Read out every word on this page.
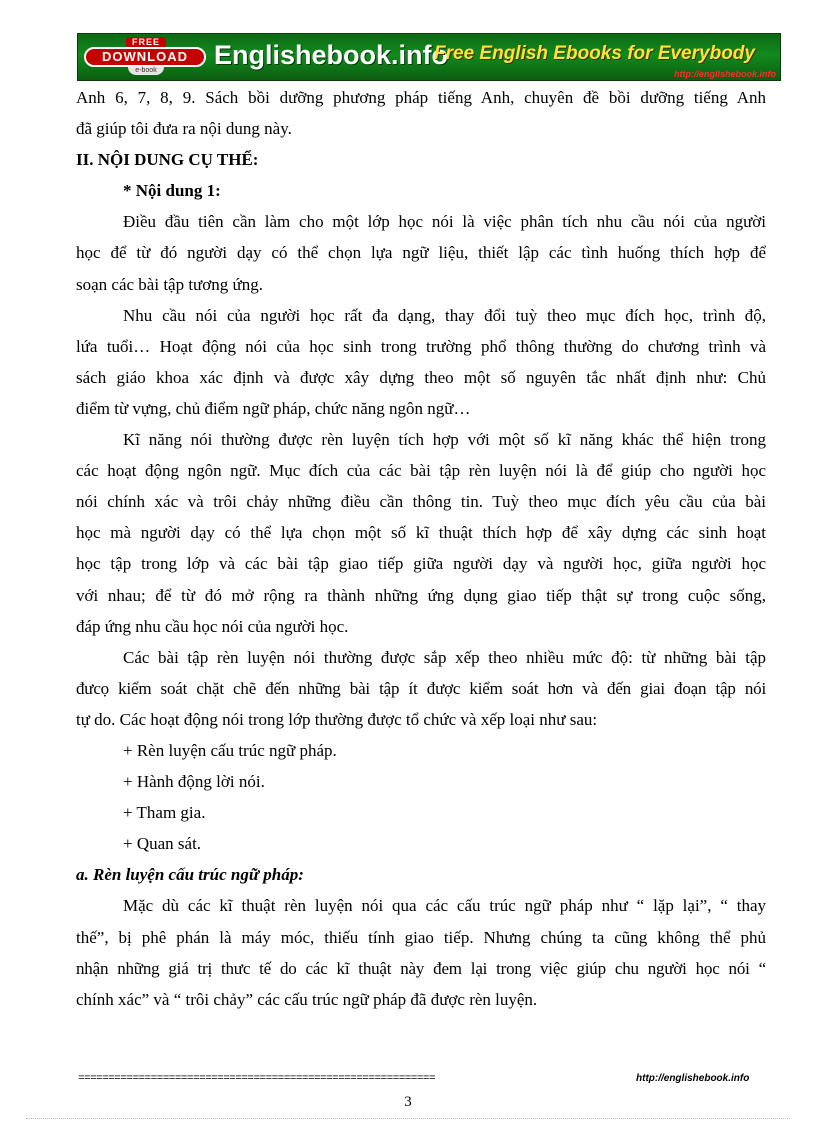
FREE
DOWNLOAD
e-book
Englishebook.info
Free English Ebooks for Everybody
http://englishebook.info
Anh 6, 7, 8, 9. Sách bồi dưỡng phương pháp tiếng Anh, chuyên đề bồi dưỡng tiếng Anh
đã giúp tôi đưa ra nội dung này.
II. NỘI DUNG CỤ THỂ:
* Nội dung 1:
Điều đầu tiên cần làm cho một lớp học nói là việc phân tích nhu cầu nói của người
học để từ đó người dạy có thể chọn lựa ngữ liệu, thiết lập các tình huống thích hợp để
soạn các bài tập tương ứng.
Nhu cầu nói của người học rất đa dạng, thay đổi tuỳ theo mục đích học, trình độ,
lứa tuổi… Hoạt động nói của học sinh trong trường phổ thông thường do chương trình và
sách giáo khoa xác định và được xây dựng theo một số nguyên tắc nhất định như: Chủ
điểm từ vựng, chủ điểm ngữ pháp, chức năng ngôn ngữ…
Kĩ năng nói thường được rèn luyện tích hợp với một số kĩ năng khác thể hiện trong
các hoạt động ngôn ngữ. Mục đích của các bài tập rèn luyện nói là để giúp cho người học
nói chính xác và trôi chảy những điều cần thông tin. Tuỳ theo mục đích yêu cầu của bài
học mà người dạy có thể lựa chọn một số kĩ thuật thích hợp để xây dựng các sinh hoạt
học tập trong lớp và các bài tập giao tiếp giữa người dạy và người học, giữa người học
với nhau; để từ đó mở rộng ra thành những ứng dụng giao tiếp thật sự trong cuộc sống,
đáp ứng nhu cầu học nói của người học.
Các bài tập rèn luyện nói thường được sắp xếp theo nhiều mức độ: từ những bài tập
đưcọ kiểm soát chặt chẽ đến những bài tập ít được kiểm soát hơn và đến giai đoạn tập nói
tự do. Các hoạt động nói trong lớp thường được tổ chức và xếp loại như sau:
+ Rèn luyện cấu trúc ngữ pháp.
+ Hành động lời nói.
+ Tham gia.
+ Quan sát.
a. Rèn luyện cấu trúc ngữ pháp:
Mặc dù các kĩ thuật rèn luyện nói qua các cấu trúc ngữ pháp như “ lặp lại”, “ thay
thế”, bị phê phán là máy móc, thiếu tính giao tiếp. Nhưng chúng ta cũng không thể phủ
nhận những giá trị thưc tế do các kĩ thuật này đem lại trong việc giúp chu người học nói “
chính xác” và “ trôi chảy” các cấu trúc ngữ pháp đã được rèn luyện.
===========================================================	http://englishebook.info
3
